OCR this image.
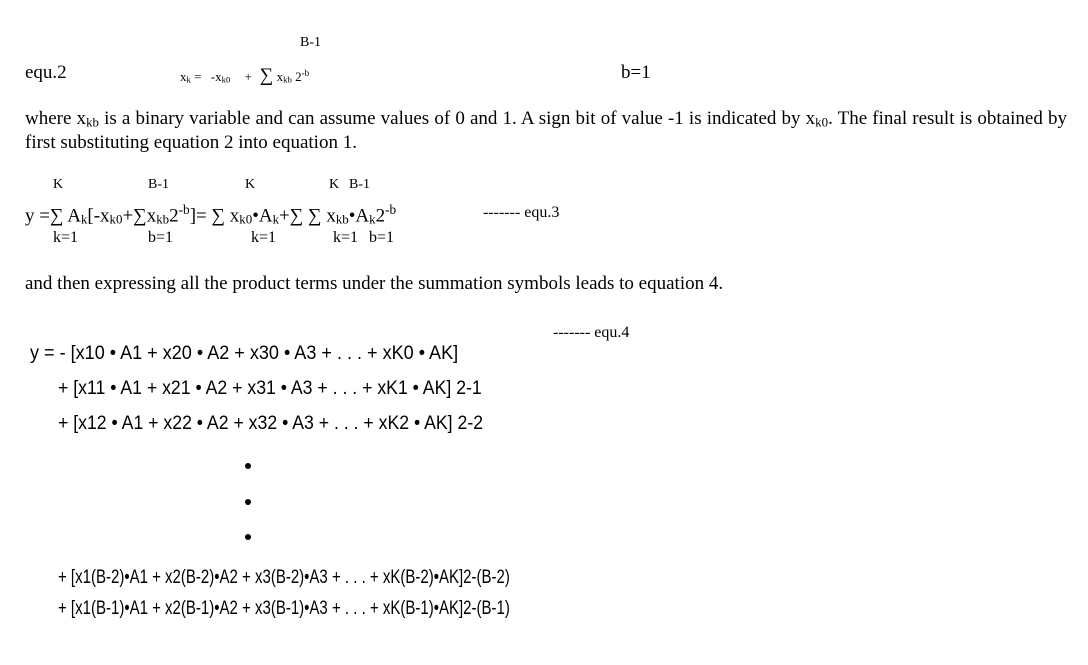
B-1
equ.2	xk = -xk0 + ∑ xkb $2^{-b}$	b=1
where xkb is a binary variable and can assume values of 0 and 1. A sign bit of value -1 is indicated by xk0. The final result is obtained by first substituting equation 2 into equation 1.
K	B-1	K	K B-1
y =∑ $Ak[-xk0+\sum xkb2^{-b}]=$ ∑ xk0•Ak+∑ ∑ $xkb•Ak2^{-b}$	------- equ.3
k=1	b=1	k=1	k=1 b=1
and then expressing all the product terms under the summation symbols leads to equation 4.
------- equ.4
y = - [x10 • A1 + x20 • A2 + x30 • A3 + . . . + xK0 • AK]
+ [x11 • A1 + x21 • A2 + x31 • A3 + . . . + xK1 • AK] 2-1
+ [x12 • A1 + x22 • A2 + x32 • A3 + . . . + xK2 • AK] 2-2
+ [x1(B-2)•A1 + x2(B-2)•A2 + x3(B-2)•A3 + . . . + xK(B-2)•AK]2-(B-2)
+ [x1(B-1)•A1 + x2(B-1)•A2 + x3(B-1)•A3 + . . . + xK(B-1)•AK]2-(B-1)
